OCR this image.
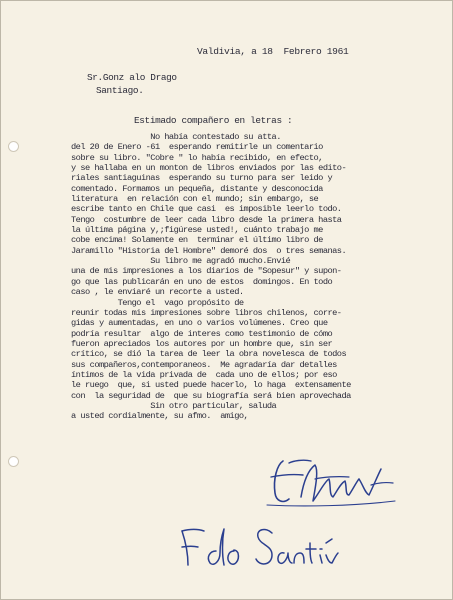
Valdivia, a 18  Febrero 1961
Sr.Gonz alo Drago
Santiago.
Estimado compañero en letras :
No había contestado su atta.
del 20 de Enero -61  esperando remitirle un comentario
sobre su libro. "Cobre " lo había recibido, en efecto,
y se hallaba en un monton de libros enviados por las edito-
riales santiaguinas  esperando su turno para ser leido y
comentado. Formamos un pequeña, distante y desconocida
literatura  en relación con el mundo; sin embargo, se
escribe tanto en Chile que casi  es imposible leerlo todo.
Tengo  costumbre de leer cada libro desde la primera hasta
la última página y,;figúrese usted!, cuánto trabajo me
cobe encima! Solamente en  terminar el último libro de
Jaramillo "Historia del Hombre" demoré dos  o tres semanas.
Su libro me agradó mucho.Envié
una de mis impresiones a los diarios de "Sopesur" y supon-
go que las publicarán en uno de estos  domingos. En todo
caso , le enviaré un recorte a usted.
Tengo el  vago propósito de
reunir todas mis impresiones sobre libros chilenos, corre-
gidas y aumentadas, en uno o varios volúmenes. Creo que
podría resultar  algo de interes como testimonio de cómo
fueron apreciados los autores por un hombre que, sin ser
crítico, se dió la tarea de leer la obra novelesca de todos
sus compañeros,contemporaneos.  Me agradaría dar detalles
íntimos de la vida privada de  cada uno de ellos; por eso
le ruego  que, si usted puede hacerlo, lo haga  extensamente
con  la seguridad de  que su biografía será bien aprovechada
Sin otro particular, saluda
a usted cordialmente, su afmo.  amigo,
